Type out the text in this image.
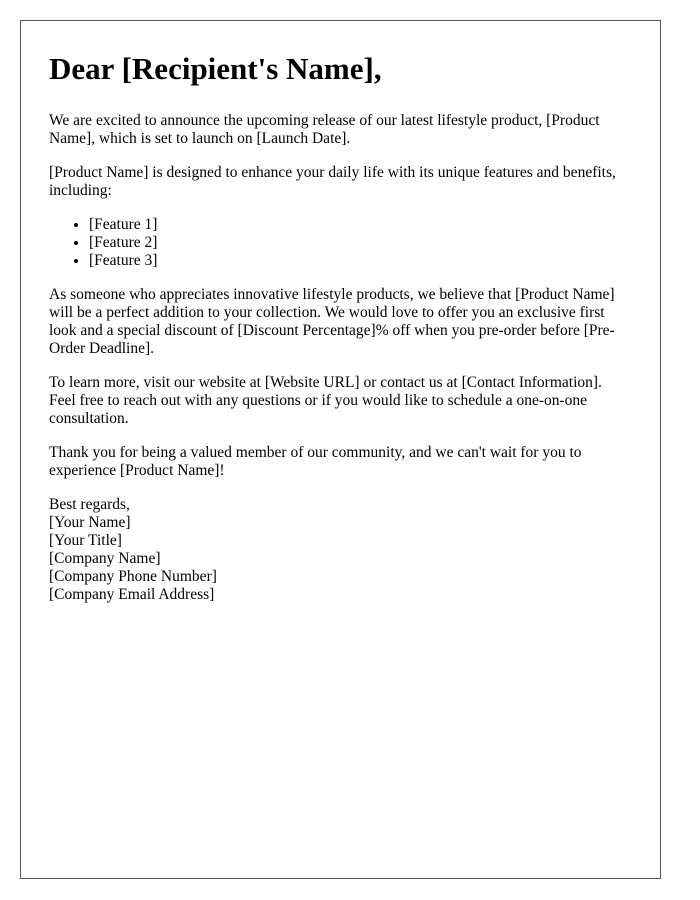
Dear [Recipient's Name],

We are excited to announce the upcoming release of our latest lifestyle product, [Product Name], which is set to launch on [Launch Date].

[Product Name] is designed to enhance your daily life with its unique features and benefits, including:

• [Feature 1]
• [Feature 2]
• [Feature 3]

As someone who appreciates innovative lifestyle products, we believe that [Product Name] will be a perfect addition to your collection. We would love to offer you an exclusive first look and a special discount of [Discount Percentage]% off when you pre-order before [Pre-Order Deadline].

To learn more, visit our website at [Website URL] or contact us at [Contact Information]. Feel free to reach out with any questions or if you would like to schedule a one-on-one consultation.

Thank you for being a valued member of our community, and we can't wait for you to experience [Product Name]!

Best regards,
[Your Name]
[Your Title]
[Company Name]
[Company Phone Number]
[Company Email Address]
